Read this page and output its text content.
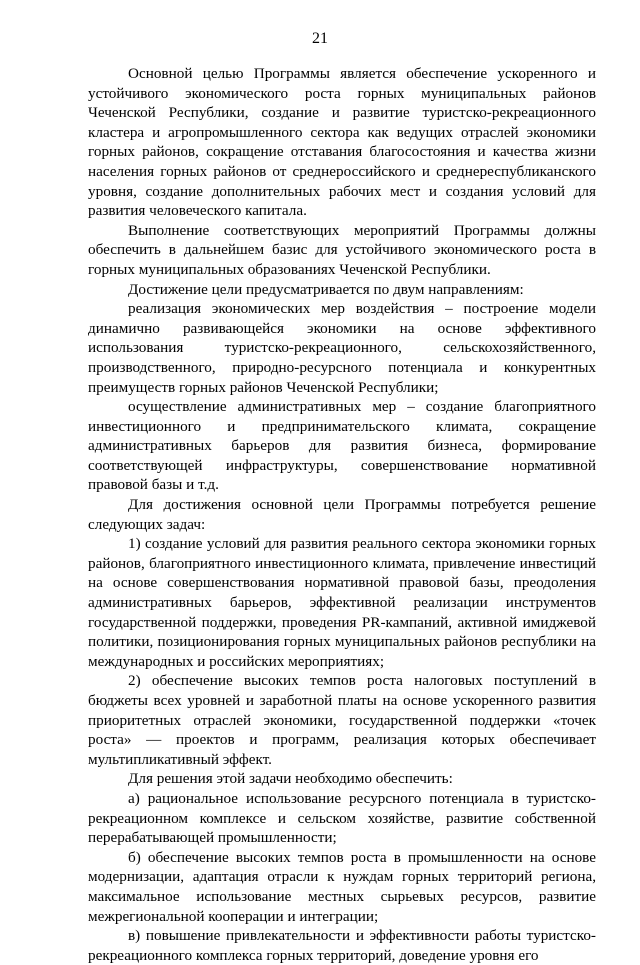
21

Основной целью Программы является обеспечение ускоренного и устойчивого экономического роста горных муниципальных районов Чеченской Республики, создание и развитие туристско-рекреационного кластера и агропромышленного сектора как ведущих отраслей экономики горных районов, сокращение отставания благосостояния и качества жизни населения горных районов от среднероссийского и среднереспубликанского уровня, создание дополнительных рабочих мест и создания условий для развития человеческого капитала.

Выполнение соответствующих мероприятий Программы должны обеспечить в дальнейшем базис для устойчивого экономического роста в горных муниципальных образованиях Чеченской Республики.

Достижение цели предусматривается по двум направлениям:

реализация экономических мер воздействия – построение модели динамично развивающейся экономики на основе эффективного использования туристско-рекреационного, сельскохозяйственного, производственного, природно-ресурсного потенциала и конкурентных преимуществ горных районов Чеченской Республики;

осуществление административных мер – создание благоприятного инвестиционного и предпринимательского климата, сокращение административных барьеров для развития бизнеса, формирование соответствующей инфраструктуры, совершенствование нормативной правовой базы и т.д.

Для достижения основной цели Программы потребуется решение следующих задач:

1) создание условий для развития реального сектора экономики горных районов, благоприятного инвестиционного климата, привлечение инвестиций на основе совершенствования нормативной правовой базы, преодоления административных барьеров, эффективной реализации инструментов государственной поддержки, проведения PR-кампаний, активной имиджевой политики, позиционирования горных муниципальных районов республики на международных и российских мероприятиях;

2) обеспечение высоких темпов роста налоговых поступлений в бюджеты всех уровней и заработной платы на основе ускоренного развития приоритетных отраслей экономики, государственной поддержки «точек роста» — проектов и программ, реализация которых обеспечивает мультипликативный эффект.

Для решения этой задачи необходимо обеспечить:

а) рациональное использование ресурсного потенциала в туристско-рекреационном комплексе и сельском хозяйстве, развитие собственной перерабатывающей промышленности;

б) обеспечение высоких темпов роста в промышленности на основе модернизации, адаптация отрасли к нуждам горных территорий региона, максимальное использование местных сырьевых ресурсов, развитие межрегиональной кооперации и интеграции;

в) повышение привлекательности и эффективности работы туристско-рекреационного комплекса горных территорий, доведение уровня его
